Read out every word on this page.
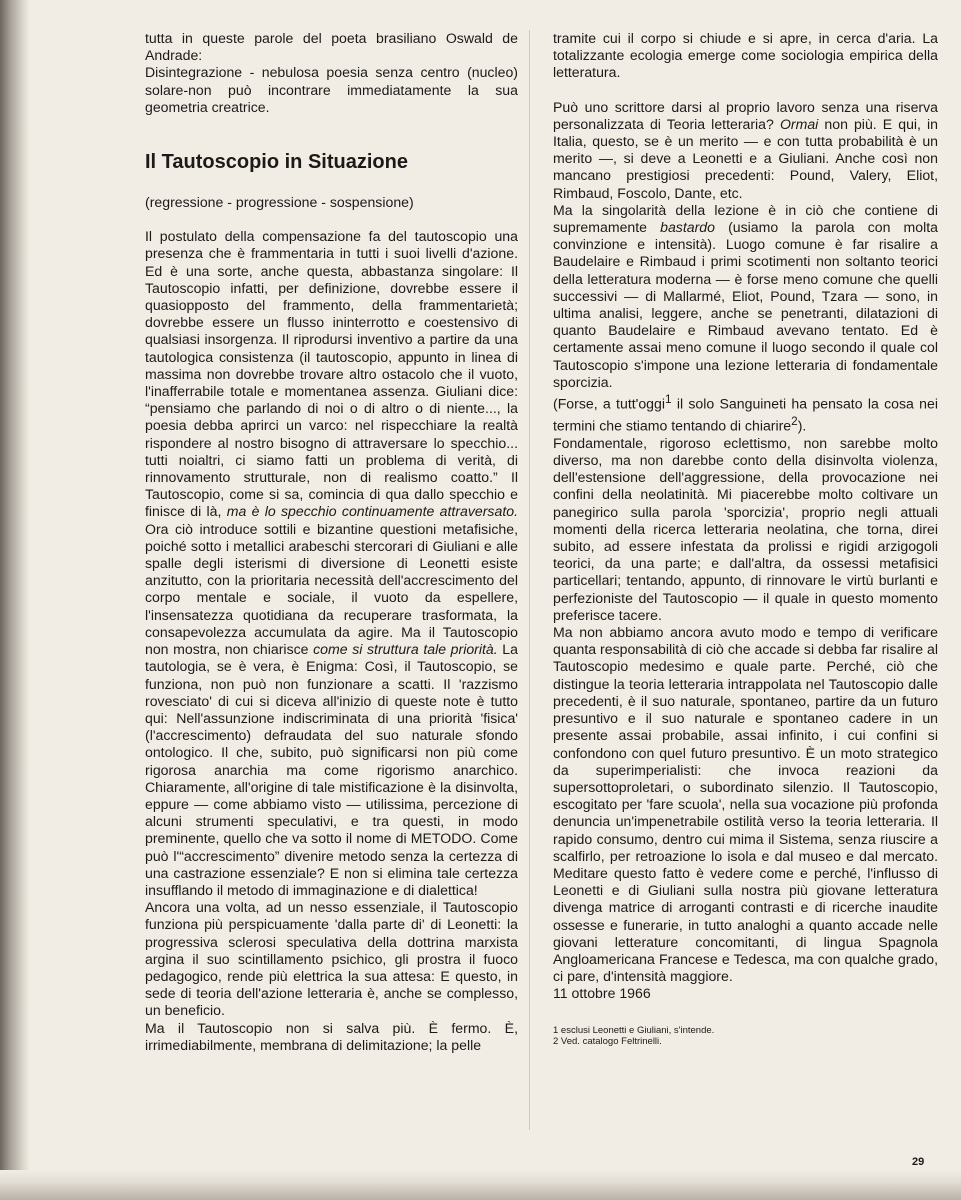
tutta in queste parole del poeta brasiliano Oswald de Andrade:

Disintegrazione - nebulosa poesia senza centro (nucleo) solare-non può incontrare immediatamente la sua geometria creatrice.

Il Tautoscopio in Situazione

(regressione - progressione - sospensione)

Il postulato della compensazione fa del tautoscopio una presenza che è frammentaria in tutti i suoi livelli d'azione. Ed è una sorte, anche questa, abbastanza singolare: Il Tautoscopio infatti, per definizione, dovrebbe essere il quasiopposto del frammento, della frammentarietà; dovrebbe essere un flusso ininterrotto e coestensivo di qualsiasi insorgenza. Il riprodursi inventivo a partire da una tautologica consistenza (il tautoscopio, appunto in linea di massima non dovrebbe trovare altro ostacolo che il vuoto, l'inafferrabile totale e momentanea assenza. Giuliani dice: “pensiamo che parlando di noi o di altro o di niente..., la poesia debba aprirci un varco: nel rispecchiare la realtà rispondere al nostro bisogno di attraversare lo specchio... tutti noialtri, ci siamo fatti un problema di verità, di rinnovamento strutturale, non di realismo coatto.” Il Tautoscopio, come si sa, comincia di qua dallo specchio e finisce di là, ma è lo specchio continuamente attraversato. Ora ciò introduce sottili e bizantine questioni metafisiche, poiché sotto i metallici arabeschi stercorari di Giuliani e alle spalle degli isterismi di diversione di Leonetti esiste anzitutto, con la prioritaria necessità dell'accrescimento del corpo mentale e sociale, il vuoto da espellere, l'insensatezza quotidiana da recuperare trasformata, la consapevolezza accumulata da agire. Ma il Tautoscopio non mostra, non chiarisce come si struttura tale priorità. La tautologia, se è vera, è Enigma: Così, il Tautoscopio, se funziona, non può non funzionare a scatti. Il 'razzismo rovesciato' di cui si diceva all'inizio di queste note è tutto qui: Nell'assunzione indiscriminata di una priorità 'fisica' (l'accrescimento) defraudata del suo naturale sfondo ontologico. Il che, subito, può significarsi non più come rigorosa anarchia ma come rigorismo anarchico. Chiaramente, all'origine di tale mistificazione è la disinvolta, eppure — come abbiamo visto — utilissima, percezione di alcuni strumenti speculativi, e tra questi, in modo preminente, quello che va sotto il nome di METODO. Come può l'“accrescimento” divenire metodo senza la certezza di una castrazione essenziale? E non si elimina tale certezza insufflando il metodo di immaginazione e di dialettica!

Ancora una volta, ad un nesso essenziale, il Tautoscopio funziona più perspicuamente 'dalla parte di' di Leonetti: la progressiva sclerosi speculativa della dottrina marxista argina il suo scintillamento psichico, gli prostra il fuoco pedagogico, rende più elettrica la sua attesa: E questo, in sede di teoria dell'azione letteraria è, anche se complesso, un beneficio.

Ma il Tautoscopio non si salva più. È fermo. È, irrimediabilmente, membrana di delimitazione; la pelle

tramite cui il corpo si chiude e si apre, in cerca d'aria. La totalizzante ecologia emerge come sociologia empirica della letteratura.

Può uno scrittore darsi al proprio lavoro senza una riserva personalizzata di Teoria letteraria? Ormai non più. E qui, in Italia, questo, se è un merito — e con tutta probabilità è un merito —, si deve a Leonetti e a Giuliani. Anche così non mancano prestigiosi precedenti: Pound, Valery, Eliot, Rimbaud, Foscolo, Dante, etc.

Ma la singolarità della lezione è in ciò che contiene di supremamente bastardo (usiamo la parola con molta convinzione e intensità). Luogo comune è far risalire a Baudelaire e Rimbaud i primi scotimenti non soltanto teorici della letteratura moderna — è forse meno comune che quelli successivi — di Mallarmé, Eliot, Pound, Tzara — sono, in ultima analisi, leggere, anche se penetranti, dilatazioni di quanto Baudelaire e Rimbaud avevano tentato. Ed è certamente assai meno comune il luogo secondo il quale col Tautoscopio s'impone una lezione letteraria di fondamentale sporcizia.

(Forse, a tutt'oggi$^1$ il solo Sanguineti ha pensato la cosa nei termini che stiamo tentando di chiarire$^2$).

Fondamentale, rigoroso eclettismo, non sarebbe molto diverso, ma non darebbe conto della disinvolta violenza, dell'estensione dell'aggressione, della provocazione nei confini della neolatinità. Mi piacerebbe molto coltivare un panegirico sulla parola 'sporcizia', proprio negli attuali momenti della ricerca letteraria neolatina, che torna, direi subito, ad essere infestata da prolissi e rigidi arzigogoli teorici, da una parte; e dall'altra, da ossessi metafisici particellari; tentando, appunto, di rinnovare le virtù burlanti e perfezioniste del Tautoscopio — il quale in questo momento preferisce tacere.

Ma non abbiamo ancora avuto modo e tempo di verificare quanta responsabilità di ciò che accade si debba far risalire al Tautoscopio medesimo e quale parte. Perché, ciò che distingue la teoria letteraria intrappolata nel Tautoscopio dalle precedenti, è il suo naturale, spontaneo, partire da un futuro presuntivo e il suo naturale e spontaneo cadere in un presente assai probabile, assai infinito, i cui confini si confondono con quel futuro presuntivo. È un moto strategico da superimperialisti: che invoca reazioni da supersottoproletari, o subordinato silenzio. Il Tautoscopio, escogitato per 'fare scuola', nella sua vocazione più profonda denuncia un'impenetrabile ostilità verso la teoria letteraria. Il rapido consumo, dentro cui mima il Sistema, senza riuscire a scalfirlo, per retroazione lo isola e dal museo e dal mercato. Meditare questo fatto è vedere come e perché, l'influsso di Leonetti e di Giuliani sulla nostra più giovane letteratura divenga matrice di arroganti contrasti e di ricerche inaudite ossesse e funerarie, in tutto analoghi a quanto accade nelle giovani letterature concomitanti, di lingua Spagnola Angloamericana Francese e Tedesca, ma con qualche grado, ci pare, d'intensità maggiore.

11 ottobre 1966

1 esclusi Leonetti e Giuliani, s'intende.
2 Ved. catalogo Feltrinelli.
29
